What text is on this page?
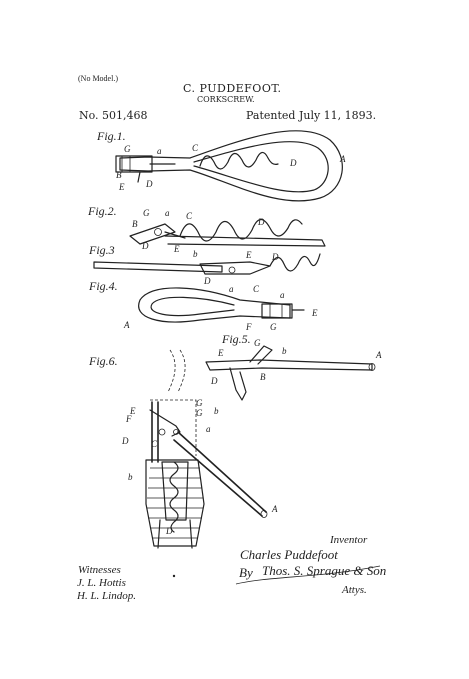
(No Model.)
C. PUDDEFOOT.
CORKSCREW.
No. 501,468	Patented July 11, 1893.
Fig.1.
Fig.2.
Fig.3
Fig.4.
Fig.5.
Fig.6.
G	a	C
B
D
E
D	A
G a C
B
D	E
D
b	E D
D
a C
a
E
A	F G
E
G
b
D	B
A
E
F
G
G b
a
D	C
b
A
D
Inventor
Charles Puddefoot
By Thos. S. Sprague & Son
Attys.
Witnesses
J. L. Hottis
H. L. Lindop.
